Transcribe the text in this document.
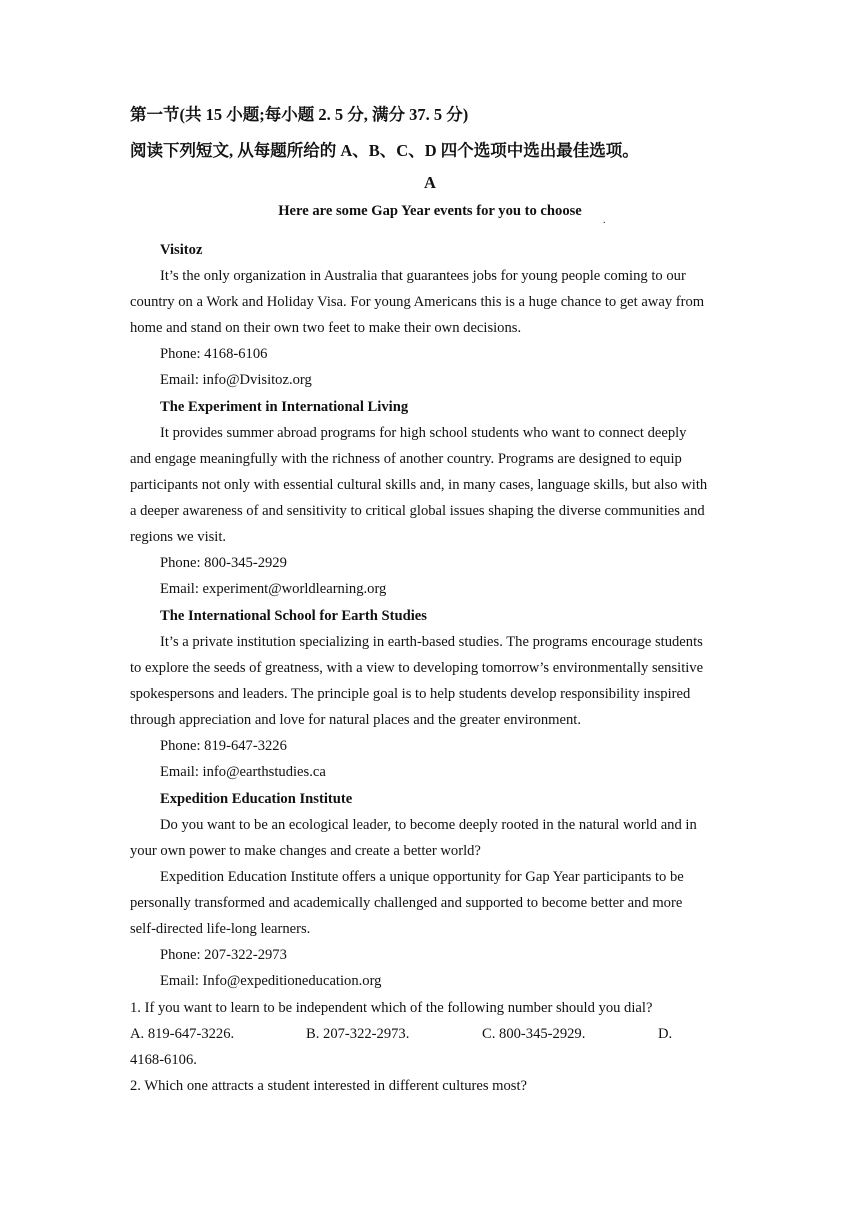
第一节(共 15 小题;每小题 2. 5 分, 满分 37. 5 分)
阅读下列短文, 从每题所给的 A、B、C、D 四个选项中选出最佳选项。
A
Here are some Gap Year events for you to choose
.
Visitoz
It’s the only organization in Australia that guarantees jobs for young people coming to our
country on a Work and Holiday Visa. For young Americans this is a huge chance to get away from
home and stand on their own two feet to make their own decisions.
Phone: 4168-6106
Email: info@Dvisitoz.org
The Experiment in International Living
It provides summer abroad programs for high school students who want to connect deeply
and engage meaningfully with the richness of another country. Programs are designed to equip
participants not only with essential cultural skills and, in many cases, language skills, but also with
a deeper awareness of and sensitivity to critical global issues shaping the diverse communities and
regions we visit.
Phone: 800-345-2929
Email: experiment@worldlearning.org
The International School for Earth Studies
It’s a private institution specializing in earth-based studies. The programs encourage students
to explore the seeds of greatness, with a view to developing tomorrow’s environmentally sensitive
spokespersons and leaders. The principle goal is to help students develop responsibility inspired
through appreciation and love for natural places and the greater environment.
Phone: 819-647-3226
Email: info@earthstudies.ca
Expedition Education Institute
Do you want to be an ecological leader, to become deeply rooted in the natural world and in
your own power to make changes and create a better world?
Expedition Education Institute offers a unique opportunity for Gap Year participants to be
personally transformed and academically challenged and supported to become better and more
self-directed life-long learners.
Phone: 207-322-2973
Email: Info@expeditioneducation.org
1. If you want to learn to be independent which of the following number should you dial?
A. 819-647-3226.	B. 207-322-2973.	C. 800-345-2929.	D.
4168-6106.
2. Which one attracts a student interested in different cultures most?
